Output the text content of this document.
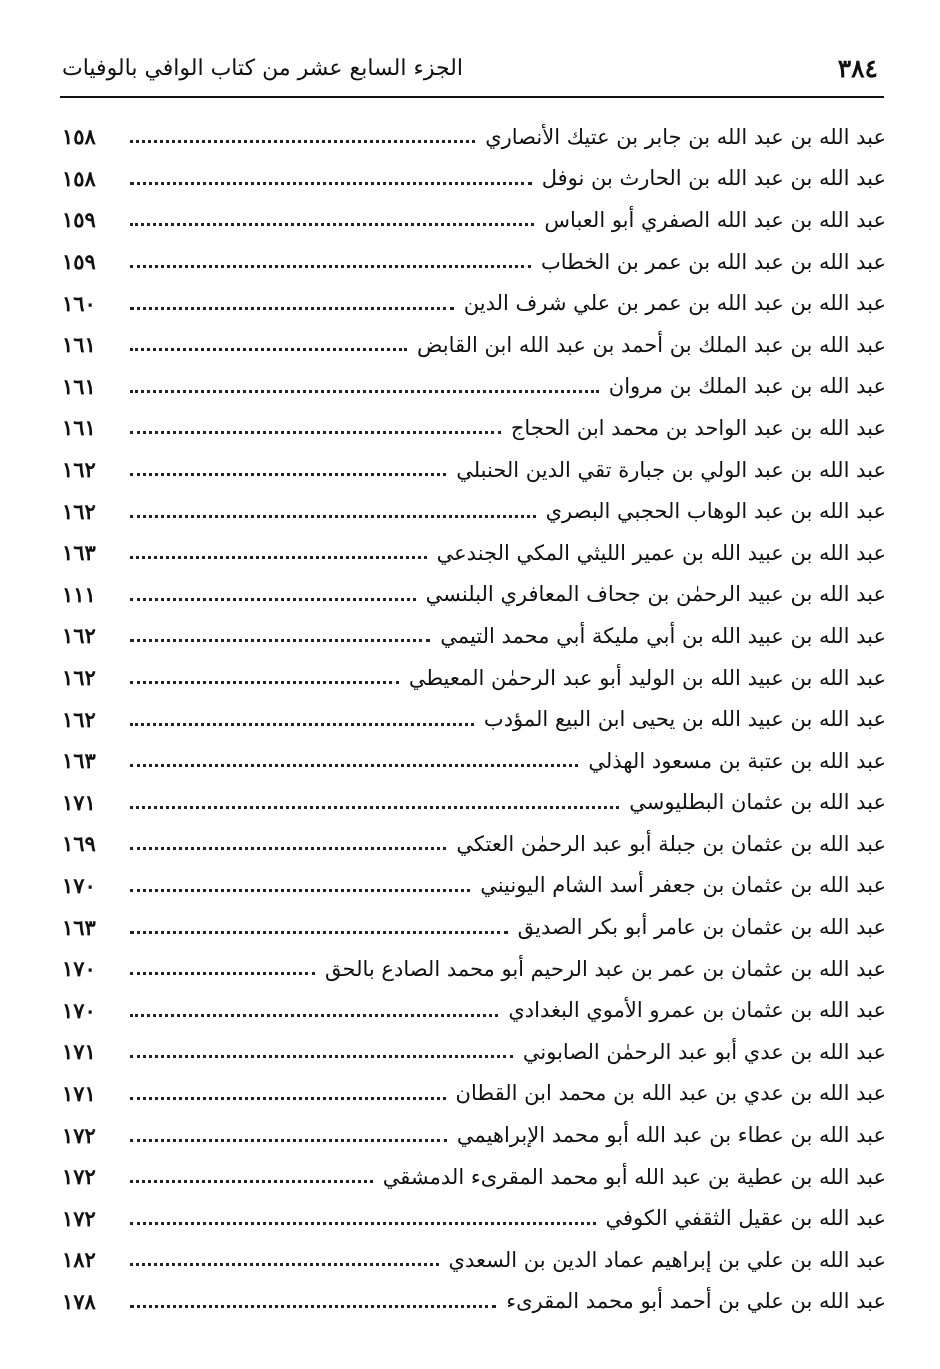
٣٨٤
الجزء السابع عشر من كتاب الوافي بالوفيات
عبد الله بن عبد الله بن جابر بن عتيك الأنصاري
١٥٨
عبد الله بن عبد الله بن الحارث بن نوفل
١٥٨
عبد الله بن عبد الله الصفري أبو العباس
١٥٩
عبد الله بن عبد الله بن عمر بن الخطاب
١٥٩
عبد الله بن عبد الله بن عمر بن علي شرف الدين
١٦٠
عبد الله بن عبد الملك بن أحمد بن عبد الله ابن القابض
١٦١
عبد الله بن عبد الملك بن مروان
١٦١
عبد الله بن عبد الواحد بن محمد ابن الحجاج
١٦١
عبد الله بن عبد الولي بن جبارة تقي الدين الحنبلي
١٦٢
عبد الله بن عبد الوهاب الحجبي البصري
١٦٢
عبد الله بن عبيد الله بن عمير الليثي المكي الجندعي
١٦٣
عبد الله بن عبيد الرحمٰن بن جحاف المعافري البلنسي
١١١
عبد الله بن عبيد الله بن أبي مليكة أبي محمد التيمي
١٦٢
عبد الله بن عبيد الله بن الوليد أبو عبد الرحمٰن المعيطي
١٦٢
عبد الله بن عبيد الله بن يحيى ابن البيع المؤدب
١٦٢
عبد الله بن عتبة بن مسعود الهذلي
١٦٣
عبد الله بن عثمان البطليوسي
١٧١
عبد الله بن عثمان بن جبلة أبو عبد الرحمٰن العتكي
١٦٩
عبد الله بن عثمان بن جعفر أسد الشام اليونيني
١٧٠
عبد الله بن عثمان بن عامر أبو بكر الصديق
١٦٣
عبد الله بن عثمان بن عمر بن عبد الرحيم أبو محمد الصادع بالحق
١٧٠
عبد الله بن عثمان بن عمرو الأموي البغدادي
١٧٠
عبد الله بن عدي أبو عبد الرحمٰن الصابوني
١٧١
عبد الله بن عدي بن عبد الله بن محمد ابن القطان
١٧١
عبد الله بن عطاء بن عبد الله أبو محمد الإبراهيمي
١٧٢
عبد الله بن عطية بن عبد الله أبو محمد المقرىء الدمشقي
١٧٢
عبد الله بن عقيل الثقفي الكوفي
١٧٢
عبد الله بن علي بن إبراهيم عماد الدين بن السعدي
١٨٢
عبد الله بن علي بن أحمد أبو محمد المقرىء
١٧٨
